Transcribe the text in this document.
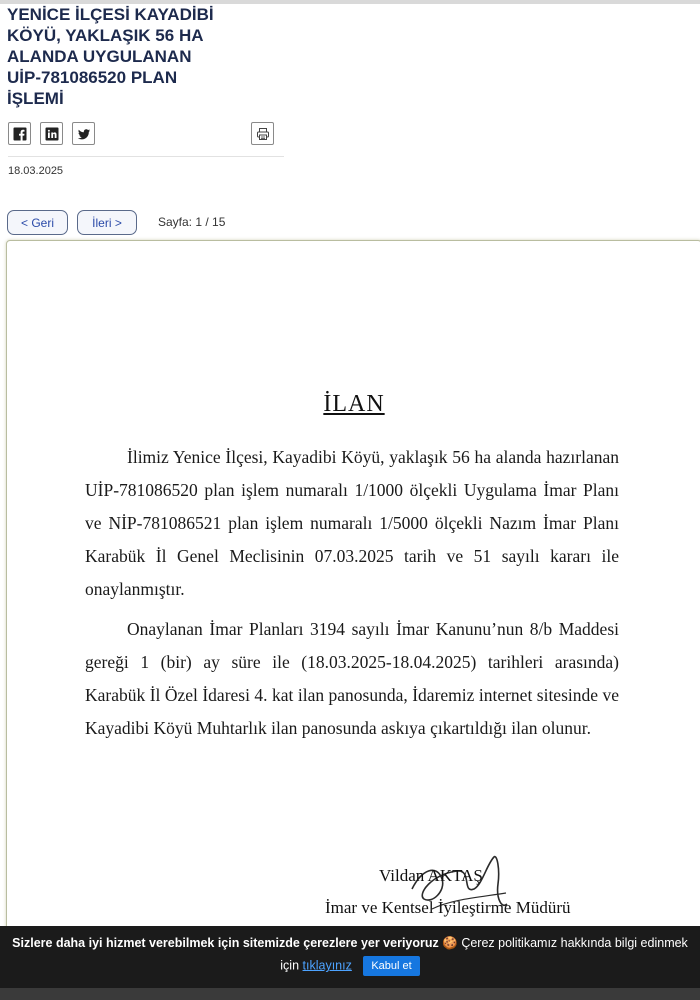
YENİCE İLÇESİ KAYADİBİ KÖYÜ, YAKLAŞIK 56 HA ALANDA UYGULANAN UİP-781086520 PLAN İŞLEMİ
18.03.2025
< Geri	İleri >	Sayfa: 1 / 15
İLAN

İlimiz Yenice İlçesi, Kayadibi Köyü, yaklaşık 56 ha alanda hazırlanan UİP-781086520 plan işlem numaralı 1/1000 ölçekli Uygulama İmar Planı ve NİP-781086521 plan işlem numaralı 1/5000 ölçekli Nazım İmar Planı Karabük İl Genel Meclisinin 07.03.2025 tarih ve 51 sayılı kararı ile onaylanmıştır.

Onaylanan İmar Planları 3194 sayılı İmar Kanunu’nun 8/b Maddesi gereği 1 (bir) ay süre ile (18.03.2025-18.04.2025) tarihleri arasında) Karabük İl Özel İdaresi 4. kat ilan panosunda, İdaremiz internet sitesinde ve Kayadibi Köyü Muhtarlık ilan panosunda askıya çıkartıldığı ilan olunur.

Vildan AKTAŞ
İmar ve Kentsel İyileştirme Müdürü
Sizlere daha iyi hizmet verebilmek için sitemizde çerezlere yer veriyoruz 🍪 Çerez politikamız hakkında bilgi edinmek
için tıklayınız Kabul et
